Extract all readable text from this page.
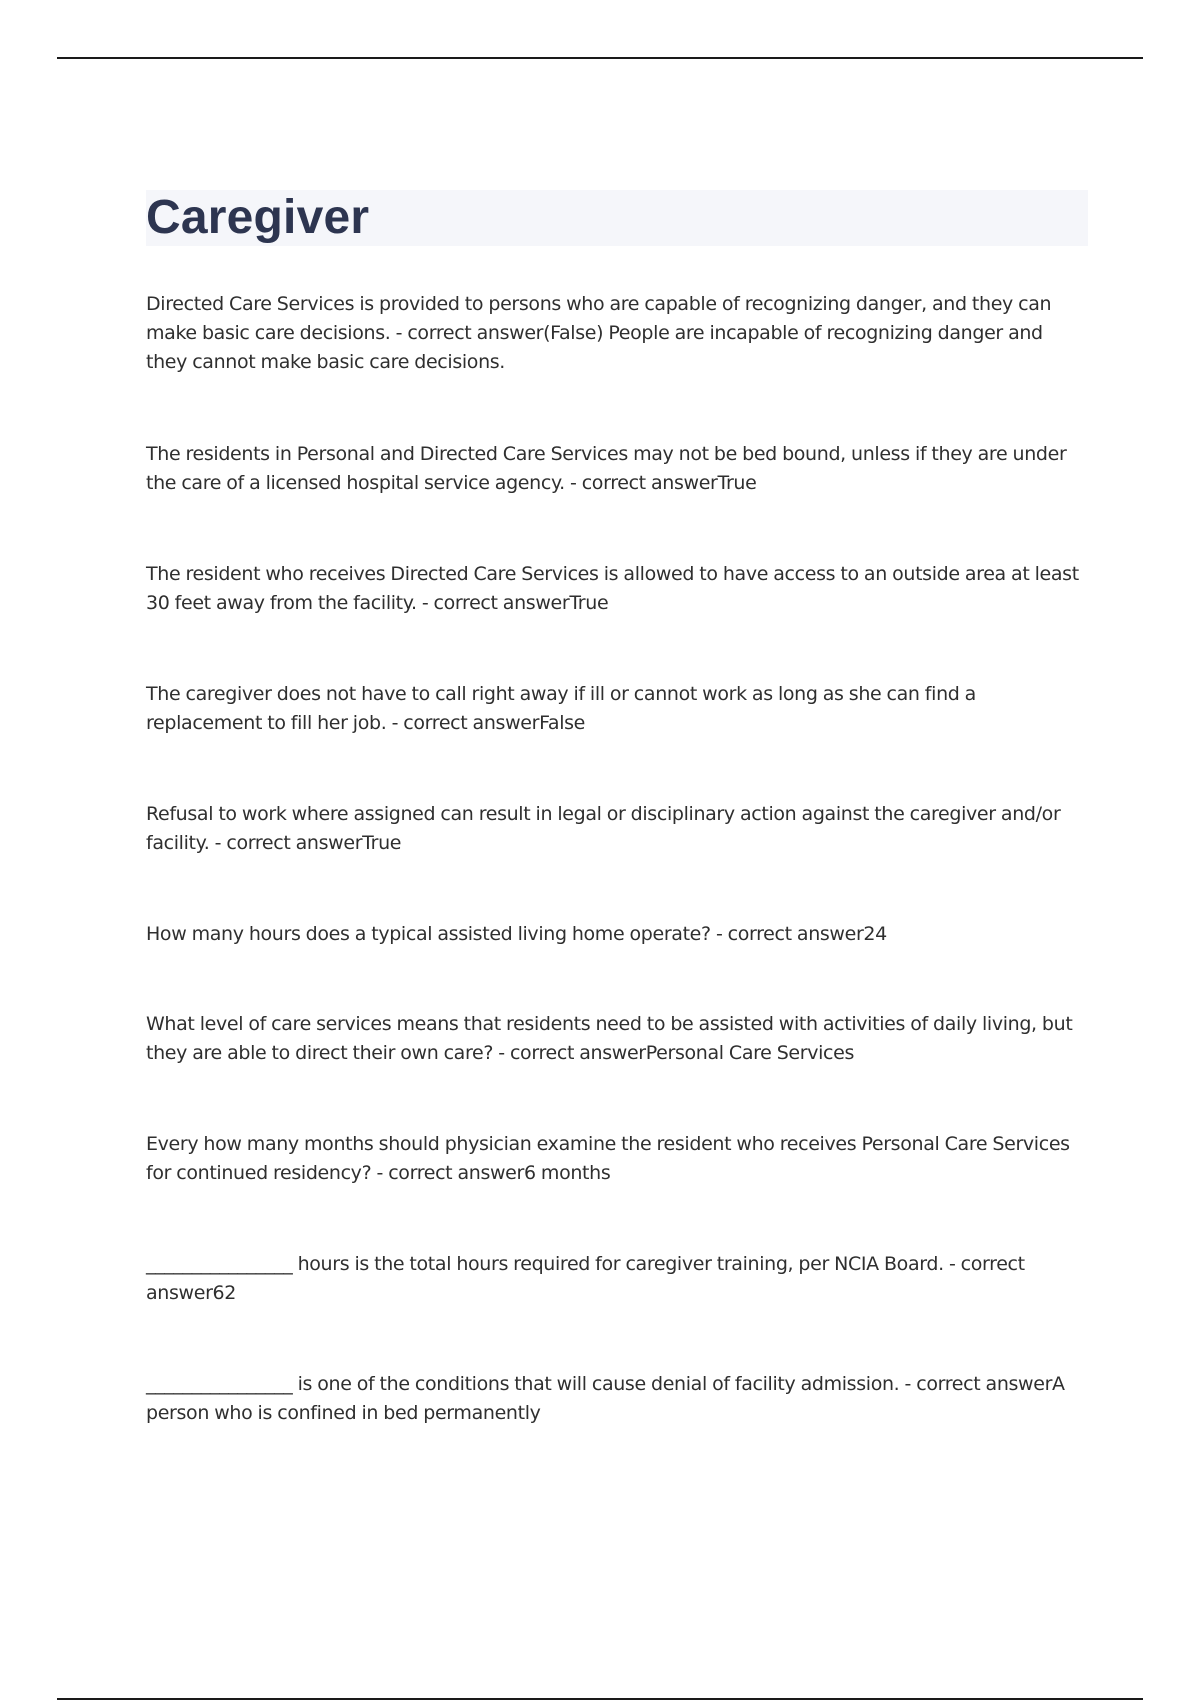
Caregiver
Directed Care Services is provided to persons who are capable of recognizing danger, and they can make basic care decisions. - correct answer(False) People are incapable of recognizing danger and they cannot make basic care decisions.
The residents in Personal and Directed Care Services may not be bed bound, unless if they are under the care of a licensed hospital service agency. - correct answerTrue
The resident who receives Directed Care Services is allowed to have access to an outside area at least 30 feet away from the facility. - correct answerTrue
The caregiver does not have to call right away if ill or cannot work as long as she can find a replacement to fill her job. - correct answerFalse
Refusal to work where assigned can result in legal or disciplinary action against the caregiver and/or facility. - correct answerTrue
How many hours does a typical assisted living home operate? - correct answer24
What level of care services means that residents need to be assisted with activities of daily living, but they are able to direct their own care? - correct answerPersonal Care Services
Every how many months should physician examine the resident who receives Personal Care Services for continued residency? - correct answer6 months
________________ hours is the total hours required for caregiver training, per NCIA Board. - correct answer62
________________ is one of the conditions that will cause denial of facility admission. - correct answerA person who is confined in bed permanently
